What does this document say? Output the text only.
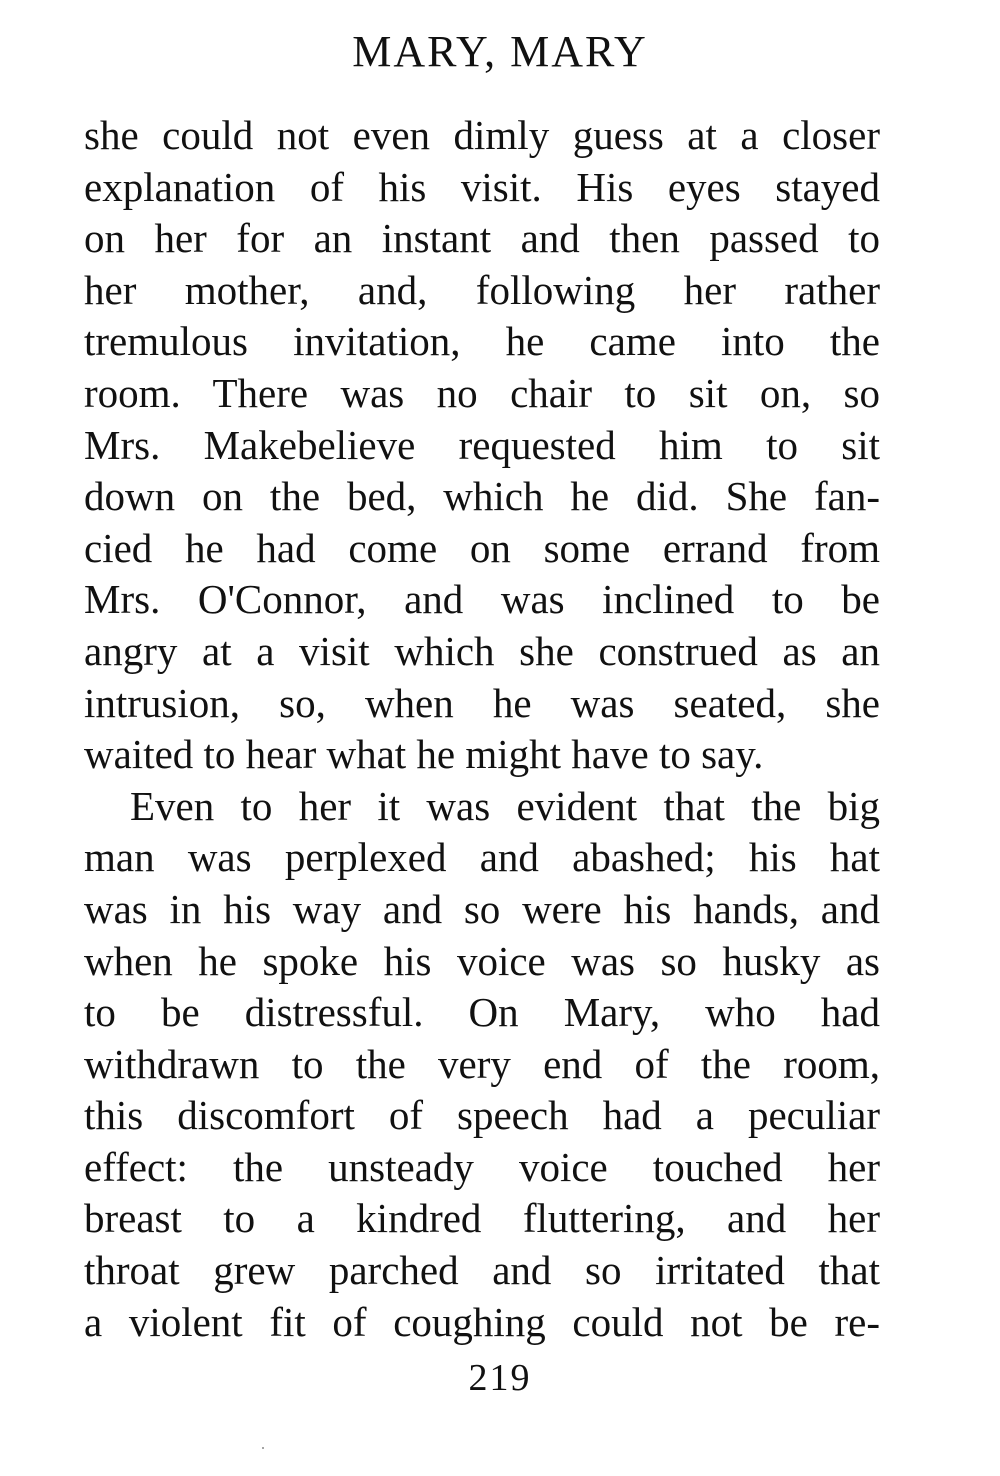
MARY, MARY
she could not even dimly guess at a closer
explanation of his visit. His eyes stayed
on her for an instant and then passed to
her mother, and, following her rather
tremulous invitation, he came into the
room. There was no chair to sit on, so
Mrs. Makebelieve requested him to sit
down on the bed, which he did. She fan-
cied he had come on some errand from
Mrs. O'Connor, and was inclined to be
angry at a visit which she construed as an
intrusion, so, when he was seated, she
waited to hear what he might have to say.
Even to her it was evident that the big
man was perplexed and abashed; his hat
was in his way and so were his hands, and
when he spoke his voice was so husky as
to be distressful. On Mary, who had
withdrawn to the very end of the room,
this discomfort of speech had a peculiar
effect: the unsteady voice touched her
breast to a kindred fluttering, and her
throat grew parched and so irritated that
a violent fit of coughing could not be re-
219
